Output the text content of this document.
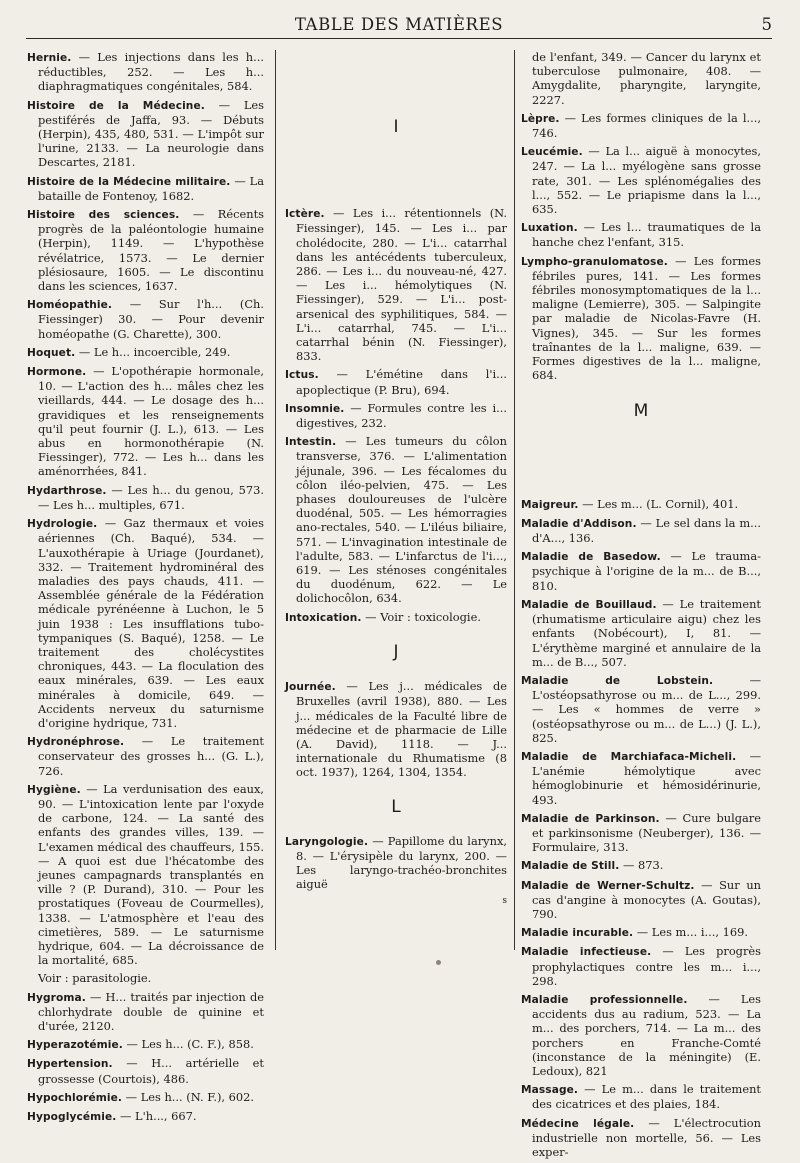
TABLE DES MATIÈRES	5
Hernie. — Les injections dans les h... réductibles, 252. — Les h... diaphragmatiques congénitales, 584.
Histoire de la Médecine. — Les pestiférés de Jaffa, 93. — Débuts (Herpin), 435, 480, 531. — L'impôt sur l'urine, 2133. — La neurologie dans Descartes, 2181.
Histoire de la Médecine militaire. — La bataille de Fontenoy, 1682.
Histoire des sciences. — Récents progrès de la paléontologie humaine (Herpin), 1149. — L'hypothèse révélatrice, 1573. — Le dernier plésiosaure, 1605. — Le discontinu dans les sciences, 1637.
Homéopathie. — Sur l'h... (Ch. Fiessinger) 30. — Pour devenir homéopathe (G. Charette), 300.
Hoquet. — Le h... incoercible, 249.
Hormone. — L'opothérapie hormonale, 10. — L'action des h... mâles chez les vieillards, 444. — Le dosage des h... gravidiques et les renseignements qu'il peut fournir (J. L.), 613. — Les abus en hormonothérapie (N. Fiessinger), 772. — Les h... dans les aménorrhées, 841.
Hydarthrose. — Les h... du genou, 573. — Les h... multiples, 671.
Hydrologie. — Gaz thermaux et voies aériennes (Ch. Baqué), 534. — L'auxothérapie à Uriage (Jourdanet), 332. — Traitement hydrominéral des maladies des pays chauds, 411. — Assemblée générale de la Fédération médicale pyrénéenne à Luchon, le 5 juin 1938 : Les insufflations tubo-tympaniques (S. Baqué), 1258. — Le traitement des cholécystites chroniques, 443. — La floculation des eaux minérales, 639. — Les eaux minérales à domicile, 649. — Accidents nerveux du saturnisme d'origine hydrique, 731.
Hydronéphrose. — Le traitement conservateur des grosses h... (G. L.), 726.
Hygiène. — La verdunisation des eaux, 90. — L'intoxication lente par l'oxyde de carbone, 124. — La santé des enfants des grandes villes, 139. — L'examen médical des chauffeurs, 155. — A quoi est due l'hécatombe des jeunes campagnards transplantés en ville ? (P. Durand), 310. — Pour les prostatiques (Foveau de Courmelles), 1338. — L'atmosphère et l'eau des cimetières, 589. — Le saturnisme hydrique, 604. — La décroissance de la mortalité, 685.
Voir : parasitologie.
Hygroma. — H... traités par injection de chlorhydrate double de quinine et d'urée, 2120.
Hyperazotémie. — Les h... (C. F.), 858.
Hypertension. — H... artérielle et grossesse (Courtois), 486.
Hypochlorémie. — Les h... (N. F.), 602.
Hypoglycémie. — L'h..., 667.
I
Ictère. — Les i... rétentionnels (N. Fiessinger), 145. — Les i... par cholédocite, 280. — L'i... catarrhal dans les antécédents tuberculeux, 286. — Les i... du nouveau-né, 427. — Les i... hémolytiques (N. Fiessinger), 529. — L'i... post-arsenical des syphilitiques, 584. — L'i... catarrhal, 745. — L'i... catarrhal bénin (N. Fiessinger), 833.
Ictus. — L'émétine dans l'i... apoplectique (P. Bru), 694.
Insomnie. — Formules contre les i... digestives, 232.
Intestin. — Les tumeurs du côlon transverse, 376. — L'alimentation jéjunale, 396. — Les fécalomes du côlon iléo-pelvien, 475. — Les phases douloureuses de l'ulcère duodénal, 505. — Les hémorragies ano-rectales, 540. — L'iléus biliaire, 571. — L'invagination intestinale de l'adulte, 583. — L'infarctus de l'i..., 619. — Les sténoses congénitales du duodénum, 622. — Le dolichocôlon, 634.
Intoxication. — Voir : toxicologie.
J
Journée. — Les j... médicales de Bruxelles (avril 1938), 880. — Les j... médicales de la Faculté libre de médecine et de pharmacie de Lille (A. David), 1118. — J... internationale du Rhumatisme (8 oct. 1937), 1264, 1304, 1354.
L
Laryngologie. — Papillome du larynx, 8. — L'érysipèle du larynx, 200. — Les laryngo-trachéo-bronchites aiguë
s
de l'enfant, 349. — Cancer du larynx et tuberculose pulmonaire, 408. — Amygdalite, pharyngite, laryngite, 2227.
Lèpre. — Les formes cliniques de la l..., 746.
Leucémie. — La l... aiguë à monocytes, 247. — La l... myélogène sans grosse rate, 301. — Les splénomégalies des l..., 552. — Le priapisme dans la l..., 635.
Luxation. — Les l... traumatiques de la hanche chez l'enfant, 315.
Lympho-granulomatose. — Les formes fébriles pures, 141. — Les formes fébriles monosymptomatiques de la l... maligne (Lemierre), 305. — Salpingite par maladie de Nicolas-Favre (H. Vignes), 345. — Sur les formes traînantes de la l... maligne, 639. — Formes digestives de la l... maligne, 684.
M
Maigreur. — Les m... (L. Cornil), 401.
Maladie d'Addison. — Le sel dans la m... d'A..., 136.
Maladie de Basedow. — Le trauma-psychique à l'origine de la m... de B..., 810.
Maladie de Bouillaud. — Le traitement (rhumatisme articulaire aigu) chez les enfants (Nobécourt), I, 81. — L'érythème marginé et annulaire de la m... de B..., 507.
Maladie de Lobstein. — L'ostéopsathyrose ou m... de L..., 299. — Les « hommes de verre » (ostéopsathyrose ou m... de L...) (J. L.), 825.
Maladie de Marchiafaca-Micheli. — L'anémie hémolytique avec hémoglobinurie et hémosidérinurie, 493.
Maladie de Parkinson. — Cure bulgare et parkinsonisme (Neuberger), 136. — Formulaire, 313.
Maladie de Still. — 873.
Maladie de Werner-Schultz. — Sur un cas d'angine à monocytes (A. Goutas), 790.
Maladie incurable. — Les m... i..., 169.
Maladie infectieuse. — Les progrès prophylactiques contre les m... i..., 298.
Maladie professionnelle. — Les accidents dus au radium, 523. — La m... des porchers, 714. — La m... des porchers en Franche-Comté (inconstance de la méningite) (E. Ledoux), 821
Massage. — Le m... dans le traitement des cicatrices et des plaies, 184.
Médecine légale. — L'électrocution industrielle non mortelle, 56. — Les exper-
